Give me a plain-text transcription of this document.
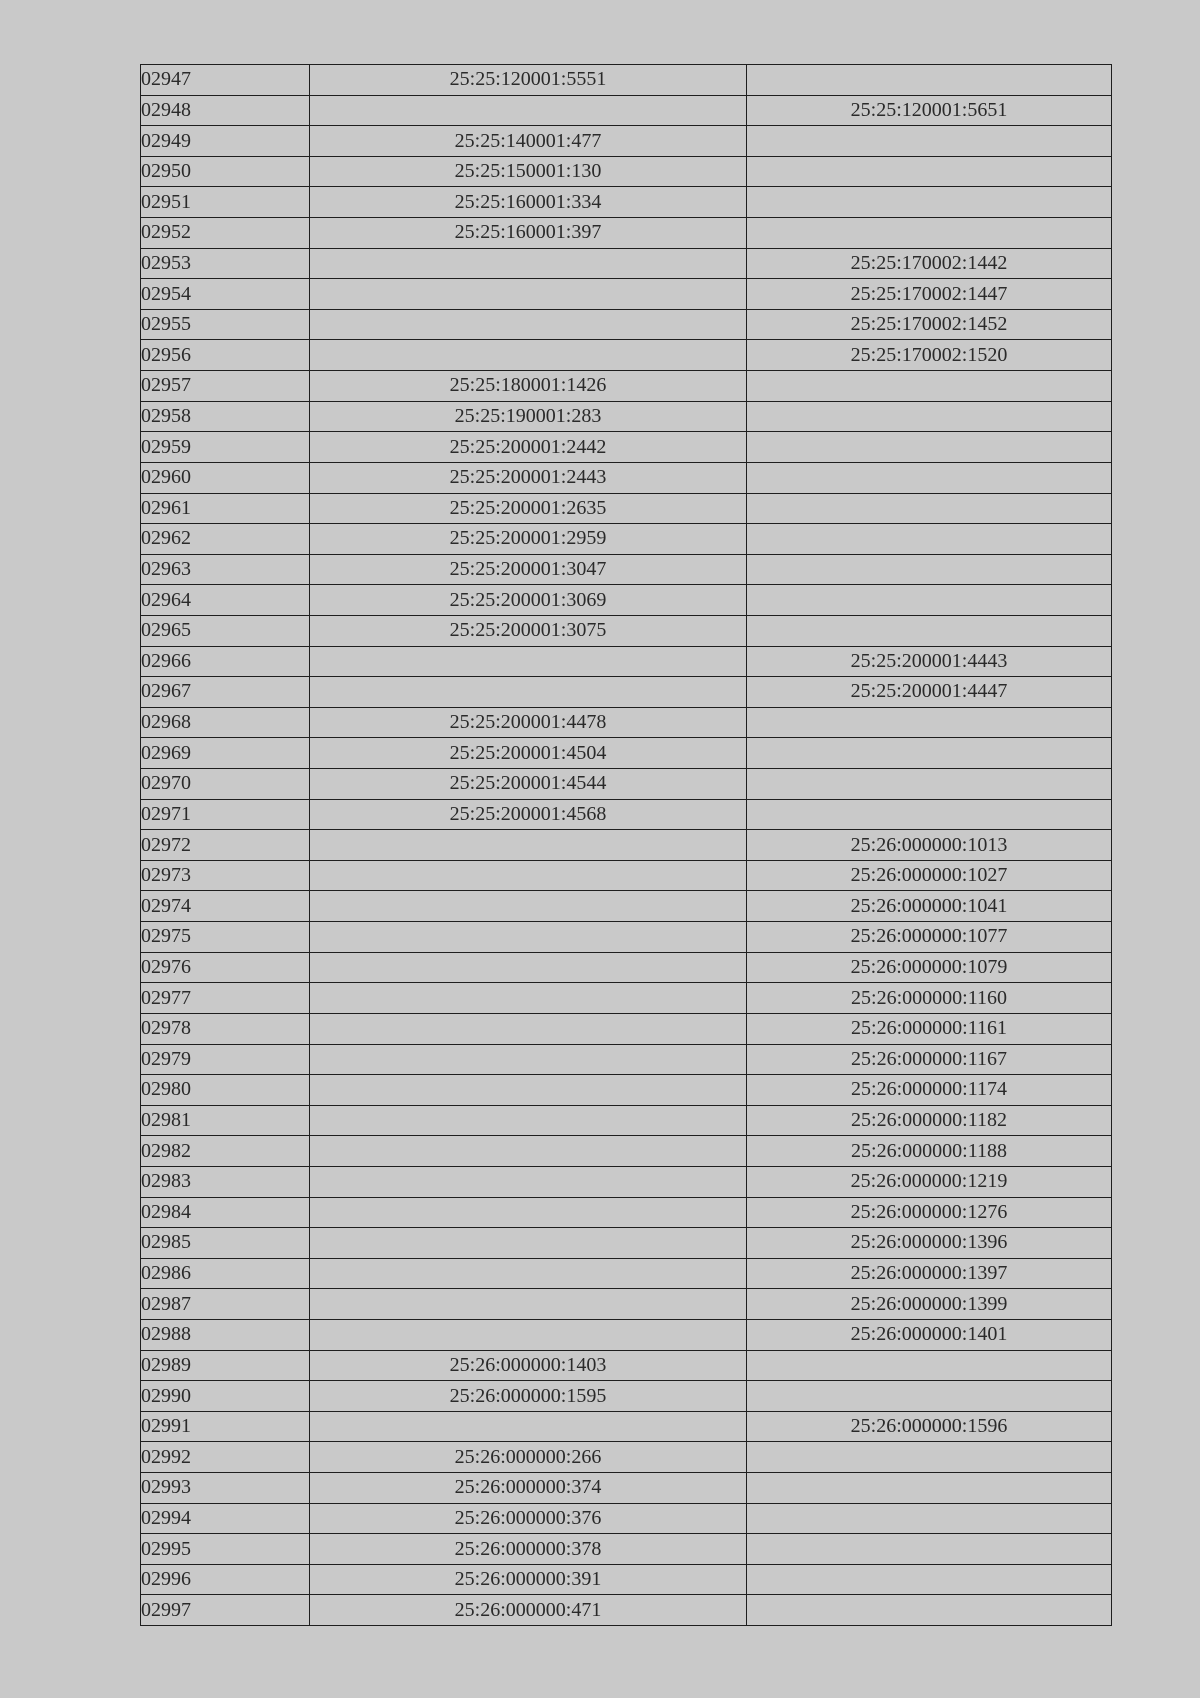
02947	25:25:120001:5551	
02948		25:25:120001:5651
02949	25:25:140001:477	
02950	25:25:150001:130	
02951	25:25:160001:334	
02952	25:25:160001:397	
02953		25:25:170002:1442
02954		25:25:170002:1447
02955		25:25:170002:1452
02956		25:25:170002:1520
02957	25:25:180001:1426	
02958	25:25:190001:283	
02959	25:25:200001:2442	
02960	25:25:200001:2443	
02961	25:25:200001:2635	
02962	25:25:200001:2959	
02963	25:25:200001:3047	
02964	25:25:200001:3069	
02965	25:25:200001:3075	
02966		25:25:200001:4443
02967		25:25:200001:4447
02968	25:25:200001:4478	
02969	25:25:200001:4504	
02970	25:25:200001:4544	
02971	25:25:200001:4568	
02972		25:26:000000:1013
02973		25:26:000000:1027
02974		25:26:000000:1041
02975		25:26:000000:1077
02976		25:26:000000:1079
02977		25:26:000000:1160
02978		25:26:000000:1161
02979		25:26:000000:1167
02980		25:26:000000:1174
02981		25:26:000000:1182
02982		25:26:000000:1188
02983		25:26:000000:1219
02984		25:26:000000:1276
02985		25:26:000000:1396
02986		25:26:000000:1397
02987		25:26:000000:1399
02988		25:26:000000:1401
02989	25:26:000000:1403	
02990	25:26:000000:1595	
02991		25:26:000000:1596
02992	25:26:000000:266	
02993	25:26:000000:374	
02994	25:26:000000:376	
02995	25:26:000000:378	
02996	25:26:000000:391	
02997	25:26:000000:471	
